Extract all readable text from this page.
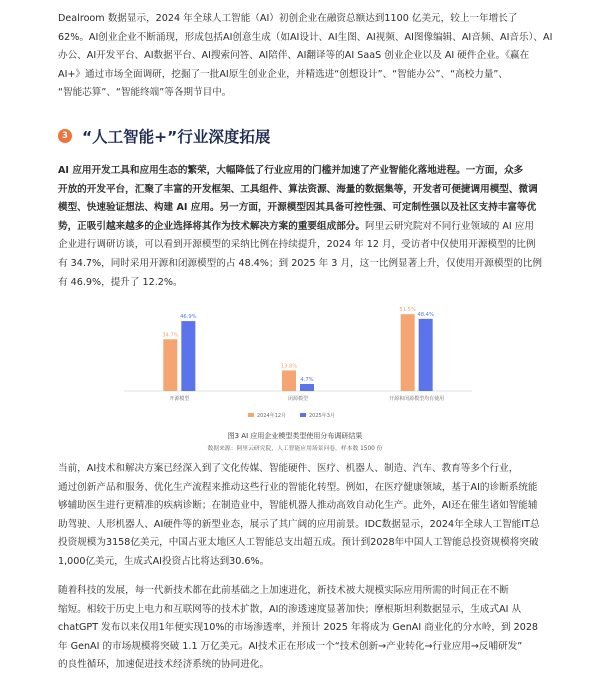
Dealroom 数据显示，2024 年全球人工智能（AI）初创企业在融资总额达到1100 亿美元，较上一年增长了
62%。AI创业企业不断涌现，形成包括AI创意生成（如AI设计、AI生图、AI视频、AI图像编辑、AI音频、AI音乐）、AI
办公、AI开发平台、AI数据平台、AI搜索问答、AI陪伴、AI翻译等的AI SaaS 创业企业以及 AI 硬件企业。《赢在
AI+》通过市场全面调研，挖掘了一批AI原生创业企业，并精选进“创想设计”、“智能办公”、“高校力量”、
“智能芯算”、“智能终端”等各期节目中。
3 “人工智能+”行业深度拓展
AI 应用开发工具和应用生态的繁荣，大幅降低了行业应用的门槛并加速了产业智能化落地进程。一方面，众多
开放的开发平台，汇聚了丰富的开发框架、工具组件、算法资源、海量的数据集等，开发者可便捷调用模型、微调
模型、快速验证想法、构建 AI 应用。另一方面，开源模型因其具备可控性强、可定制性强以及社区支持丰富等优
势，正吸引越来越多的企业选择将其作为技术解决方案的重要组成部分。阿里云研究院对不同行业领域的 AI 应用
企业进行调研访谈，可以看到开源模型的采纳比例在持续提升，2024 年 12 月，受访者中仅使用开源模型的比例
有 34.7%，同时采用开源和闭源模型的占 48.4%；到 2025 年 3 月，这一比例显著上升，仅使用开源模型的比例
有 46.9%，提升了 12.2%。
34.7%
46.9%
开源模型
13.8%
4.7%
闭源模型
51.5%
48.4%
开源和闭源模型均有使用
2024年12月	2025年3月
图3 AI 应用企业模型类型使用分布调研结果
数据来源：阿里云研究院，人工智能应用场景问卷，样本数 1500 份
当前，AI技术和解决方案已经深入到了文化传媒、智能硬件、医疗、机器人、制造、汽车、教育等多个行业，
通过创新产品和服务、优化生产流程来推动这些行业的智能化转型。例如，在医疗健康领域，基于AI的诊断系统能
够辅助医生进行更精准的疾病诊断；在制造业中，智能机器人推动高效自动化生产。此外，AI还在催生诸如智能辅
助驾驶、人形机器人、AI硬件等的新型业态，展示了其广阔的应用前景。IDC数据显示，2024年全球人工智能IT总
投资规模为3158亿美元，中国占亚太地区人工智能总支出超五成。预计到2028年中国人工智能总投资规模将突破
1,000亿美元，生成式AI投资占比将达到30.6%。
随着科技的发展，每一代新技术都在此前基础之上加速进化，新技术被大规模实际应用所需的时间正在不断
缩短。相较于历史上电力和互联网等的技术扩散，AI的渗透速度显著加快；摩根斯坦利数据显示，生成式AI 从
chatGPT 发布以来仅用1年便实现10%的市场渗透率，并预计 2025 年将成为 GenAI 商业化的分水岭，到 2028
年 GenAI 的市场规模将突破 1.1 万亿美元。AI技术正在形成一个“技术创新→产业转化→行业应用→反哺研发”
的良性循环，加速促进技术经济系统的协同进化。
